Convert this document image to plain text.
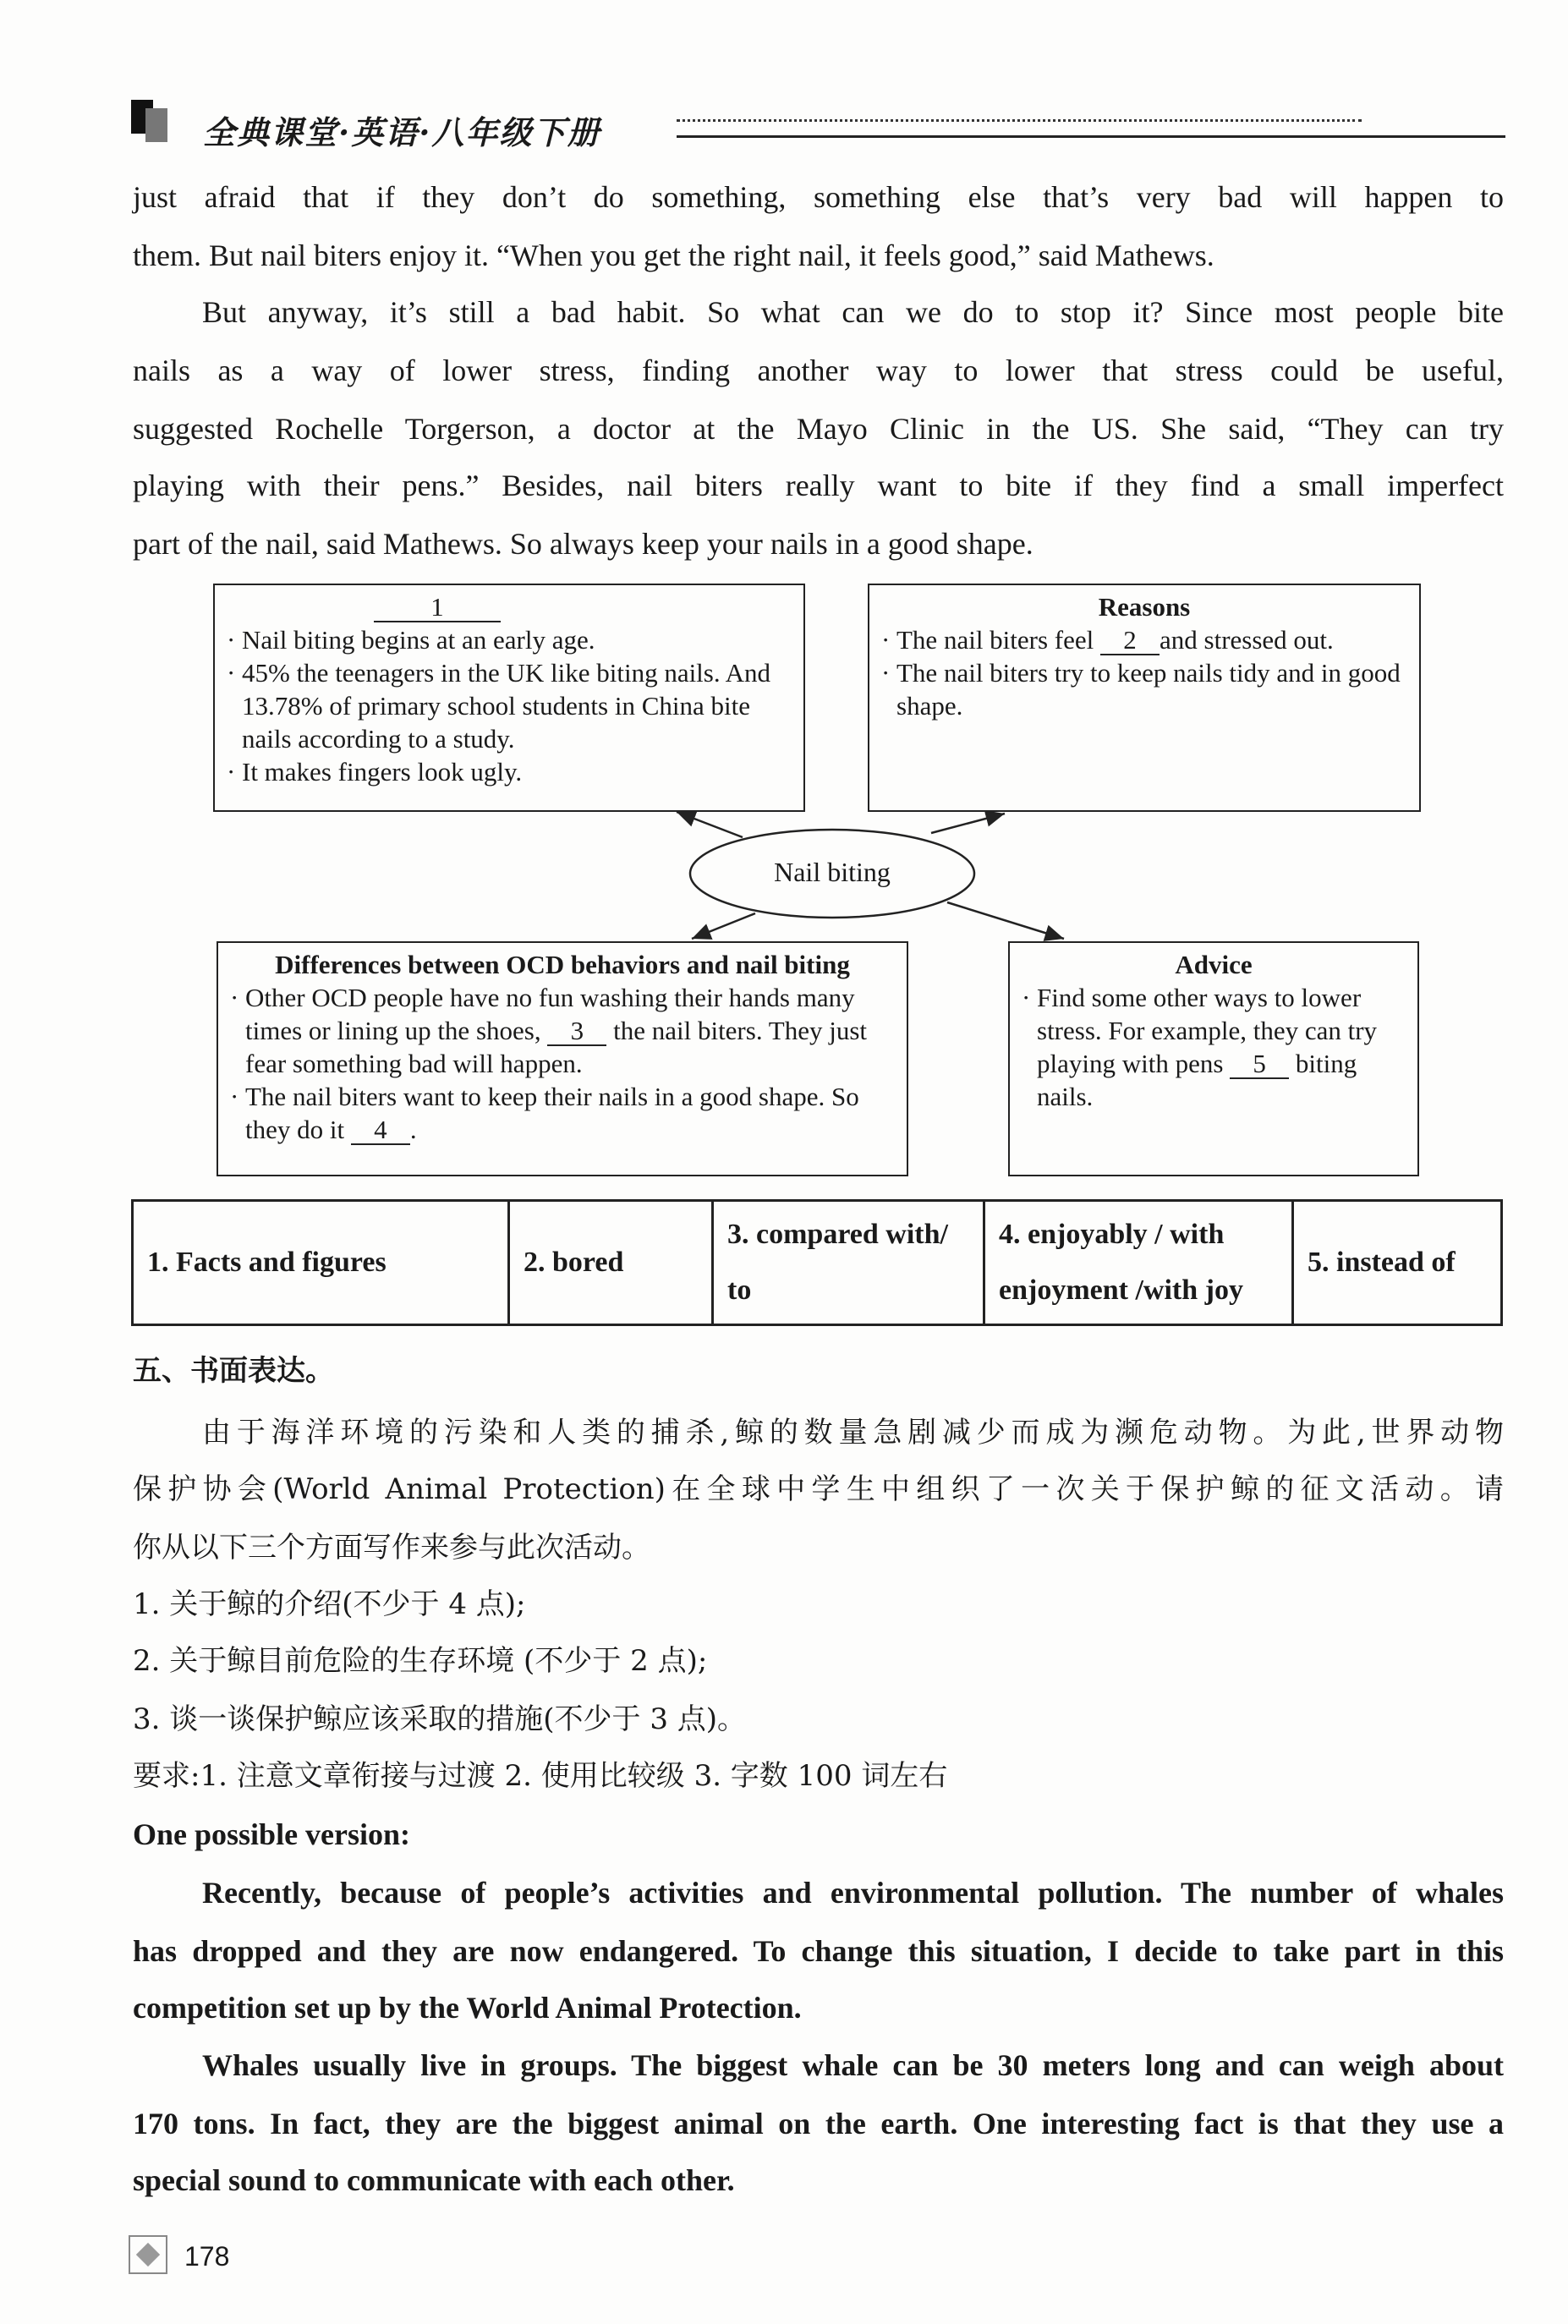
全典课堂·英语·八年级下册
just afraid that if they don’t do something, something else that’s very bad will happen to
them. But nail biters enjoy it. “When you get the right nail, it feels good,” said Mathews.
But anyway, it’s still a bad habit. So what can we do to stop it? Since most people bite
nails as a way of lower stress, finding another way to lower that stress could be useful,
suggested Rochelle Torgerson, a doctor at the Mayo Clinic in the US. She said, “They can try
playing with their pens.” Besides, nail biters really want to bite if they find a small imperfect
part of the nail, said Mathews. So always keep your nails in a good shape.
Nail biting
1
· Nail biting begins at an early age.
· 45% the teenagers in the UK like biting nails. And 13.78% of primary school students in China bite nails according to a study.
· It makes fingers look ugly.
Reasons
· The nail biters feel 2 and stressed out.
· The nail biters try to keep nails tidy and in good shape.
Differences between OCD behaviors and nail biting
· Other OCD people have no fun washing their hands many times or lining up the shoes, 3 the nail biters. They just fear something bad will happen.
· The nail biters want to keep their nails in a good shape. So they do it 4 .
Advice
· Find some other ways to lower stress. For example, they can try playing with pens 5 biting nails.
1. Facts and figures	2. bored	3. compared with/ to	4. enjoyably / with enjoyment /with joy	5. instead of
五、书面表达。
由于海洋环境的污染和人类的捕杀,鲸的数量急剧减少而成为濒危动物。为此,世界动物
保护协会(World Animal Protection)在全球中学生中组织了一次关于保护鲸的征文活动。请
你从以下三个方面写作来参与此次活动。
1. 关于鲸的介绍(不少于 4 点);
2. 关于鲸目前危险的生存环境 (不少于 2 点);
3. 谈一谈保护鲸应该采取的措施(不少于 3 点)。
要求:1. 注意文章衔接与过渡 2. 使用比较级 3. 字数 100 词左右
One possible version:
Recently, because of people’s activities and environmental pollution. The number of whales
has dropped and they are now endangered. To change this situation, I decide to take part in this
competition set up by the World Animal Protection.
Whales usually live in groups. The biggest whale can be 30 meters long and can weigh about
170 tons. In fact, they are the biggest animal on the earth. One interesting fact is that they use a
special sound to communicate with each other.
178
